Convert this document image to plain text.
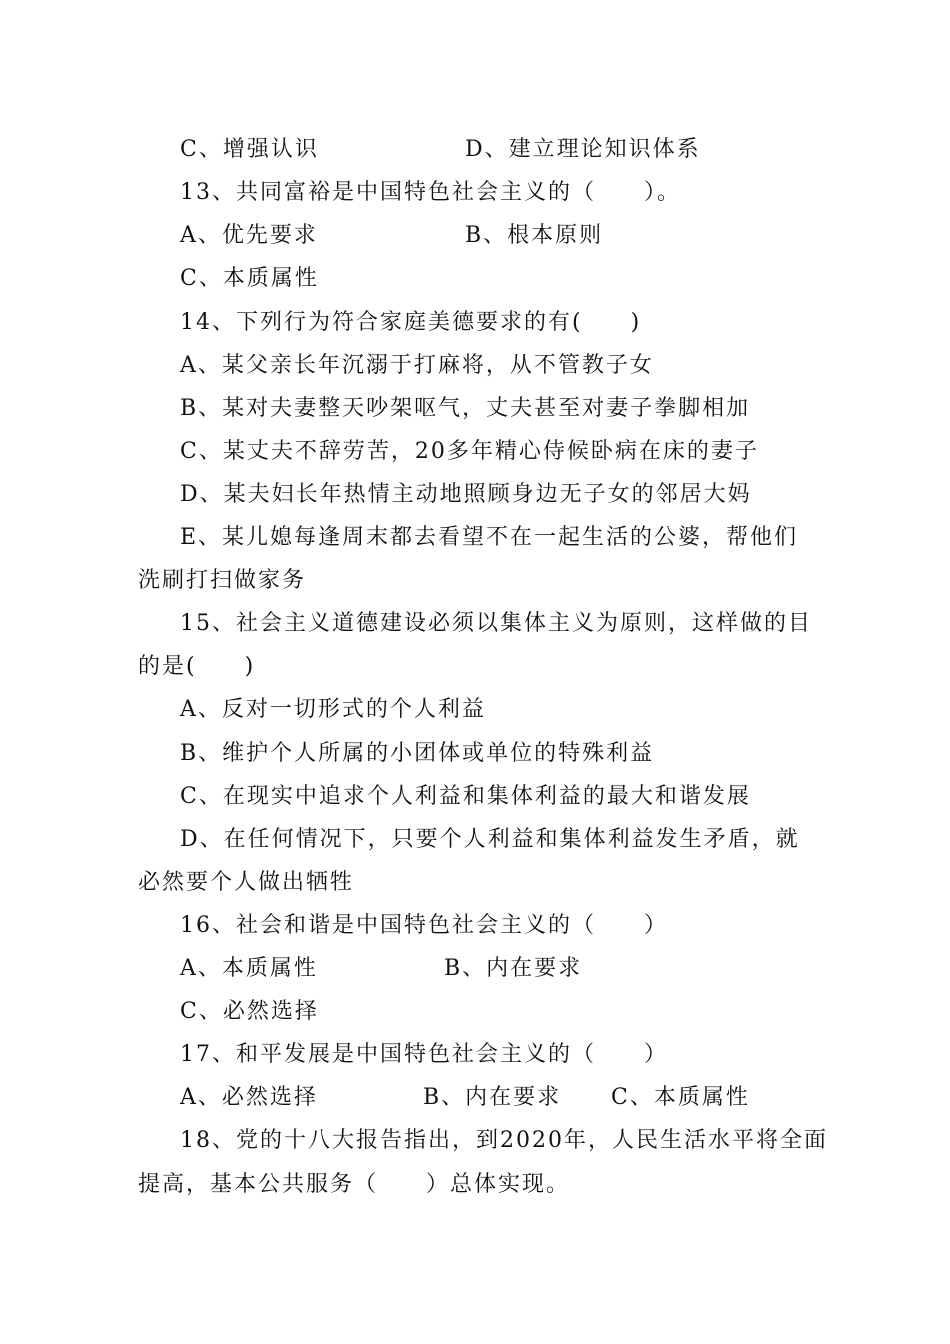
C、增强认识	D、建立理论知识体系
13、共同富裕是中国特色社会主义的（　　）。
A、优先要求	B、根本原则
C、本质属性
14、下列行为符合家庭美德要求的有(　　)
A、某父亲长年沉溺于打麻将，从不管教子女
B、某对夫妻整天吵架呕气，丈夫甚至对妻子拳脚相加
C、某丈夫不辞劳苦，20多年精心侍候卧病在床的妻子
D、某夫妇长年热情主动地照顾身边无子女的邻居大妈
E、某儿媳每逢周末都去看望不在一起生活的公婆，帮他们
洗刷打扫做家务
15、社会主义道德建设必须以集体主义为原则，这样做的目
的是(　　)
A、反对一切形式的个人利益
B、维护个人所属的小团体或单位的特殊利益
C、在现实中追求个人利益和集体利益的最大和谐发展
D、在任何情况下，只要个人利益和集体利益发生矛盾，就
必然要个人做出牺牲
16、社会和谐是中国特色社会主义的（　　）
A、本质属性	B、内在要求
C、必然选择
17、和平发展是中国特色社会主义的（　　）
A、必然选择	B、内在要求 C、本质属性
18、党的十八大报告指出，到2020年，人民生活水平将全面
提高，基本公共服务（　　）总体实现。
